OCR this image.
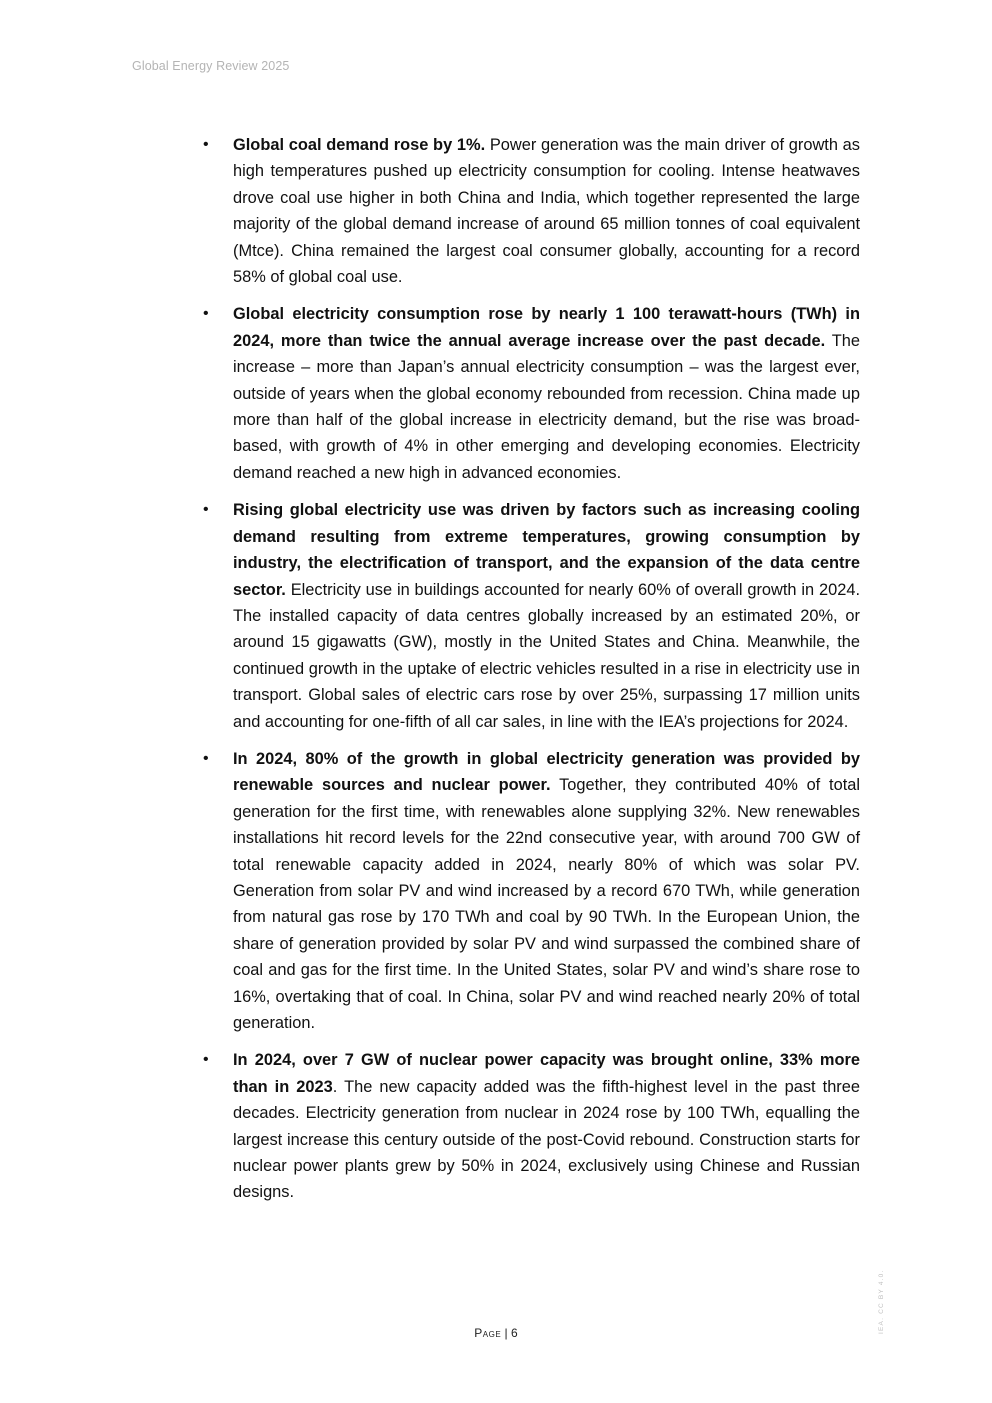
Global Energy Review 2025
• Global coal demand rose by 1%. Power generation was the main driver of growth as high temperatures pushed up electricity consumption for cooling. Intense heatwaves drove coal use higher in both China and India, which together represented the large majority of the global demand increase of around 65 million tonnes of coal equivalent (Mtce). China remained the largest coal consumer globally, accounting for a record 58% of global coal use.
• Global electricity consumption rose by nearly 1 100 terawatt-hours (TWh) in 2024, more than twice the annual average increase over the past decade. The increase – more than Japan’s annual electricity consumption – was the largest ever, outside of years when the global economy rebounded from recession. China made up more than half of the global increase in electricity demand, but the rise was broad-based, with growth of 4% in other emerging and developing economies. Electricity demand reached a new high in advanced economies.
• Rising global electricity use was driven by factors such as increasing cooling demand resulting from extreme temperatures, growing consumption by industry, the electrification of transport, and the expansion of the data centre sector. Electricity use in buildings accounted for nearly 60% of overall growth in 2024. The installed capacity of data centres globally increased by an estimated 20%, or around 15 gigawatts (GW), mostly in the United States and China. Meanwhile, the continued growth in the uptake of electric vehicles resulted in a rise in electricity use in transport. Global sales of electric cars rose by over 25%, surpassing 17 million units and accounting for one-fifth of all car sales, in line with the IEA’s projections for 2024.
• In 2024, 80% of the growth in global electricity generation was provided by renewable sources and nuclear power. Together, they contributed 40% of total generation for the first time, with renewables alone supplying 32%. New renewables installations hit record levels for the 22nd consecutive year, with around 700 GW of total renewable capacity added in 2024, nearly 80% of which was solar PV. Generation from solar PV and wind increased by a record 670 TWh, while generation from natural gas rose by 170 TWh and coal by 90 TWh. In the European Union, the share of generation provided by solar PV and wind surpassed the combined share of coal and gas for the first time. In the United States, solar PV and wind’s share rose to 16%, overtaking that of coal. In China, solar PV and wind reached nearly 20% of total generation.
• In 2024, over 7 GW of nuclear power capacity was brought online, 33% more than in 2023. The new capacity added was the fifth-highest level in the past three decades. Electricity generation from nuclear in 2024 rose by 100 TWh, equalling the largest increase this century outside of the post-Covid rebound. Construction starts for nuclear power plants grew by 50% in 2024, exclusively using Chinese and Russian designs.
Page | 6	IEA. CC BY 4.0.
